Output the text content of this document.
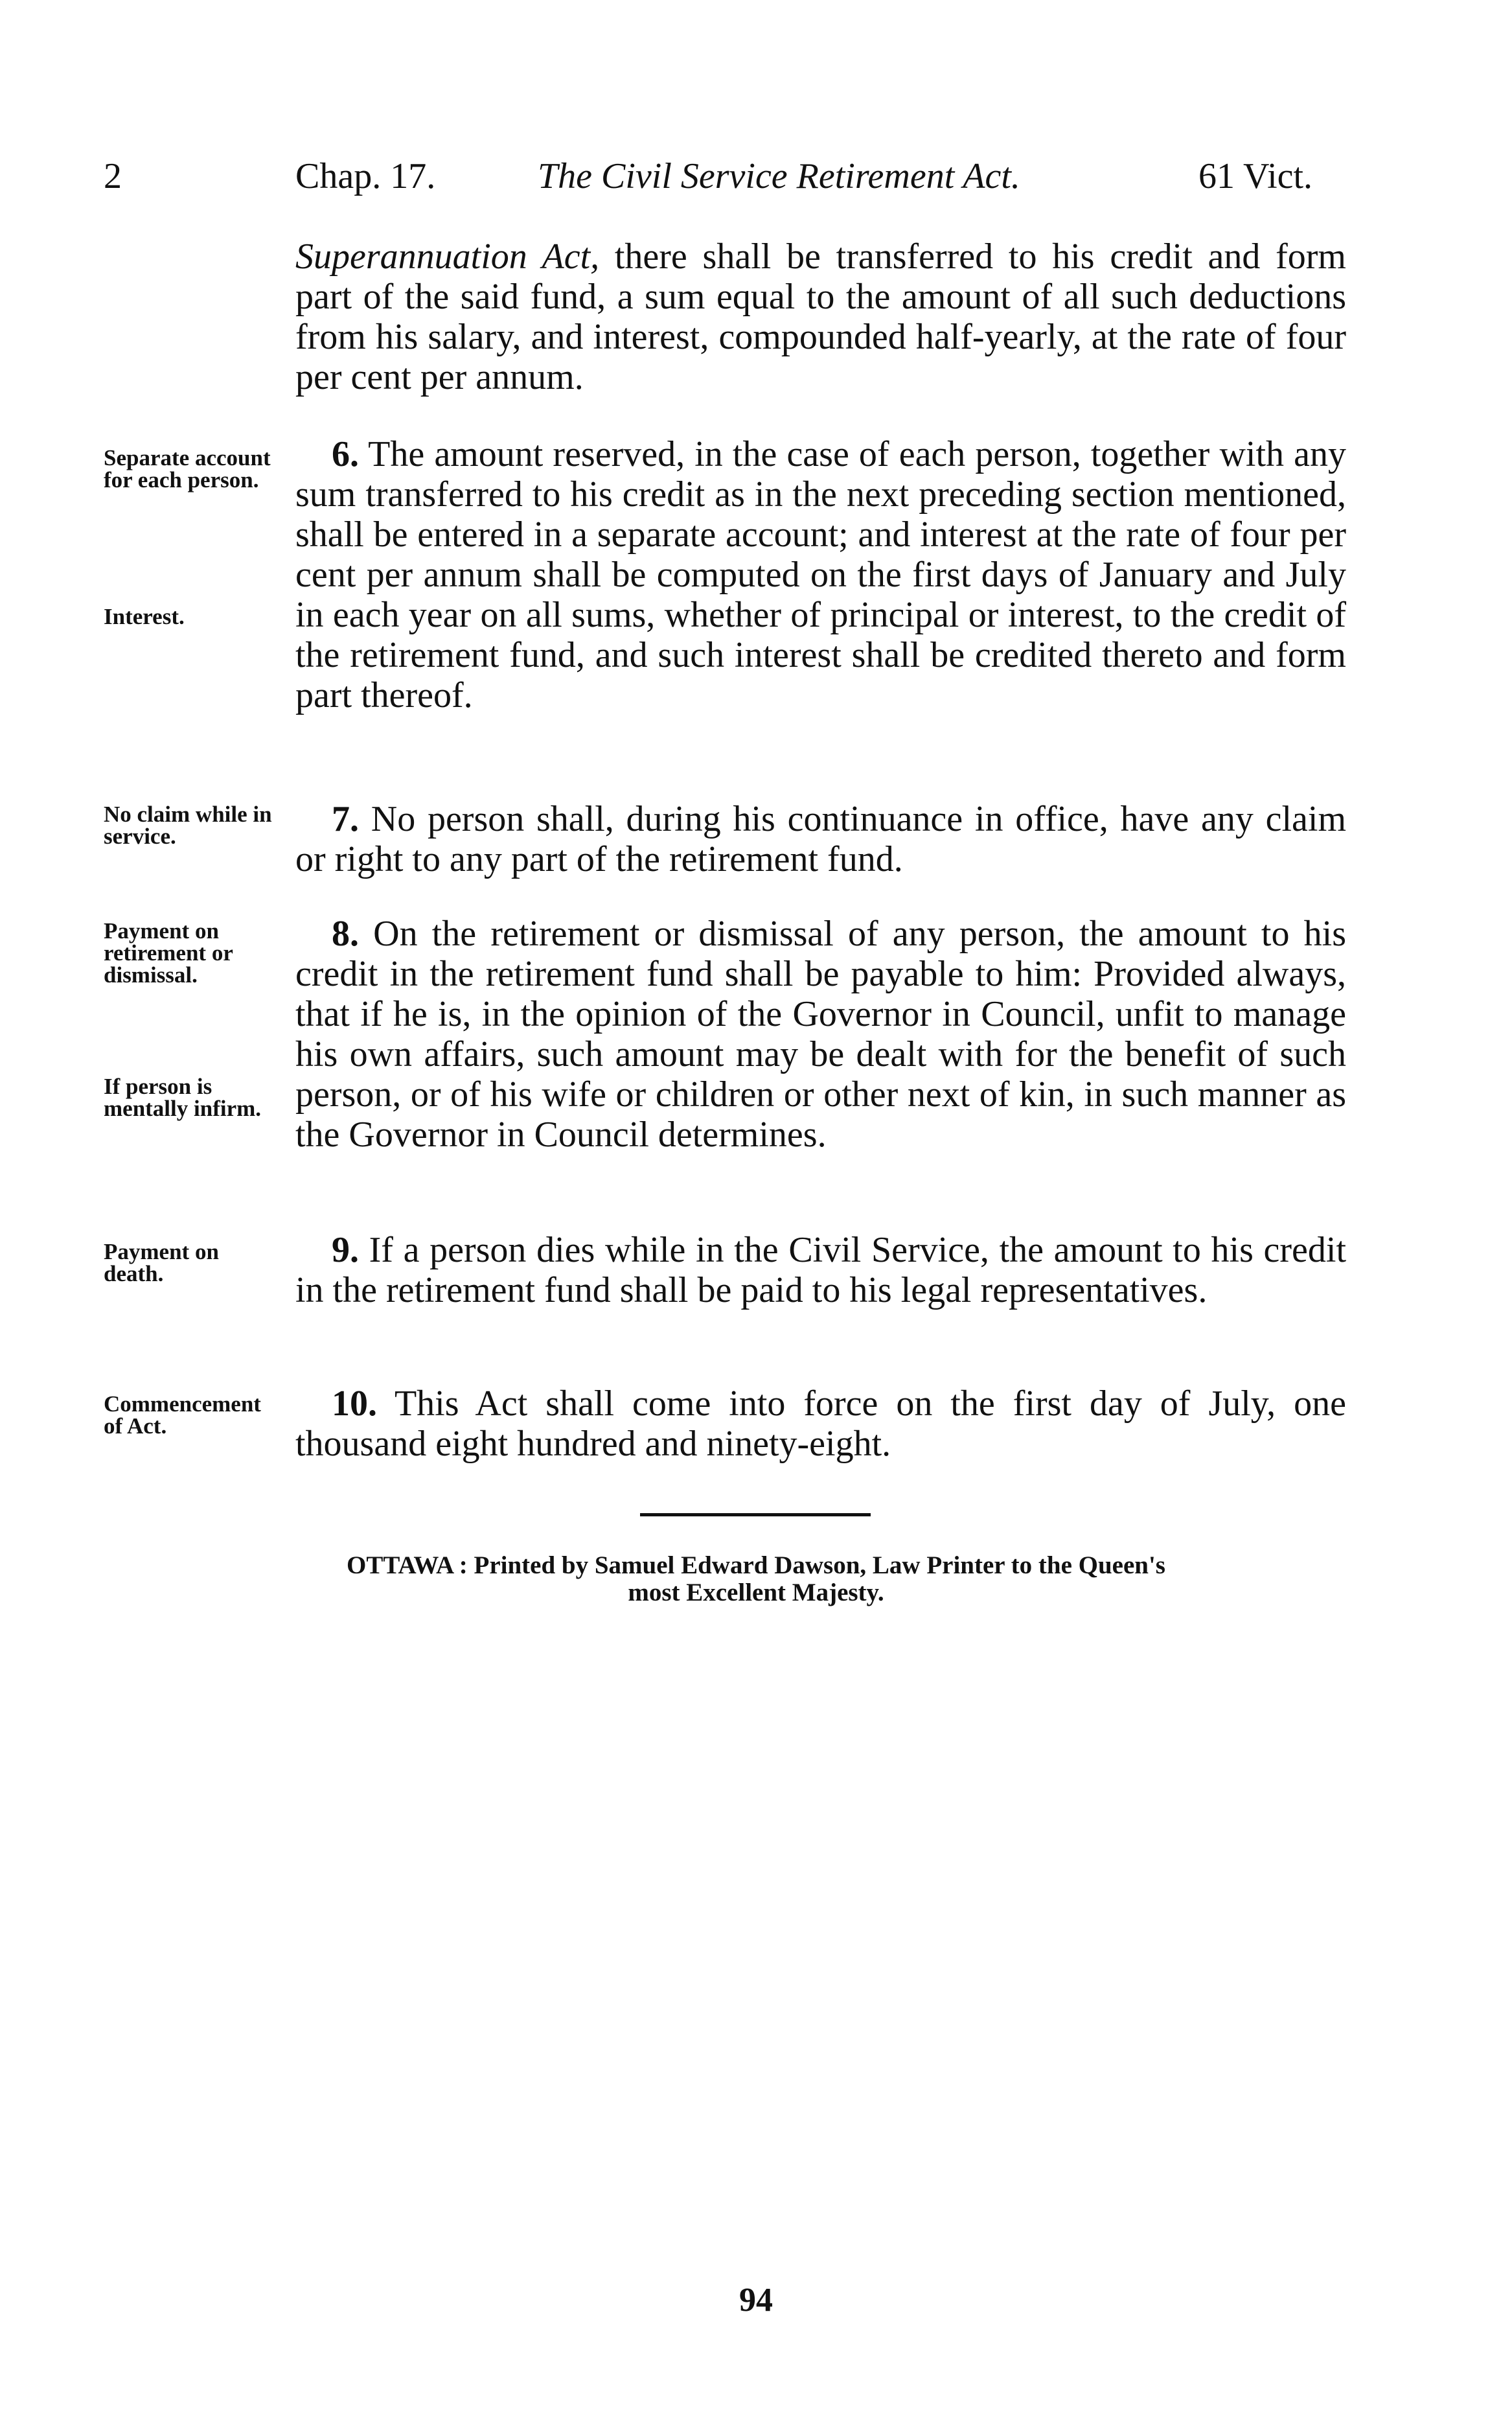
2	Chap. 17.	The Civil Service Retirement Act.	61 Vict.
Superannuation Act, there shall be transferred to his credit and form part of the said fund, a sum equal to the amount of all such deductions from his salary, and interest, compounded half-yearly, at the rate of four per cent per annum.
Separate account for each person.
Interest.
6. The amount reserved, in the case of each person, together with any sum transferred to his credit as in the next preceding section mentioned, shall be entered in a separate account; and interest at the rate of four per cent per annum shall be computed on the first days of January and July in each year on all sums, whether of principal or interest, to the credit of the retirement fund, and such interest shall be credited thereto and form part thereof.
No claim while in service.	7. No person shall, during his continuance in office, have any claim or right to any part of the retirement fund.
Payment on retirement or dismissal.
If person is mentally infirm.
8. On the retirement or dismissal of any person, the amount to his credit in the retirement fund shall be payable to him: Provided always, that if he is, in the opinion of the Governor in Council, unfit to manage his own affairs, such amount may be dealt with for the benefit of such person, or of his wife or children or other next of kin, in such manner as the Governor in Council determines.
Payment on death.
9. If a person dies while in the Civil Service, the amount to his credit in the retirement fund shall be paid to his legal representatives.
Commencement of Act.
10. This Act shall come into force on the first day of July, one thousand eight hundred and ninety-eight.
OTTAWA : Printed by Samuel Edward Dawson, Law Printer to the Queen's
most Excellent Majesty.
94
